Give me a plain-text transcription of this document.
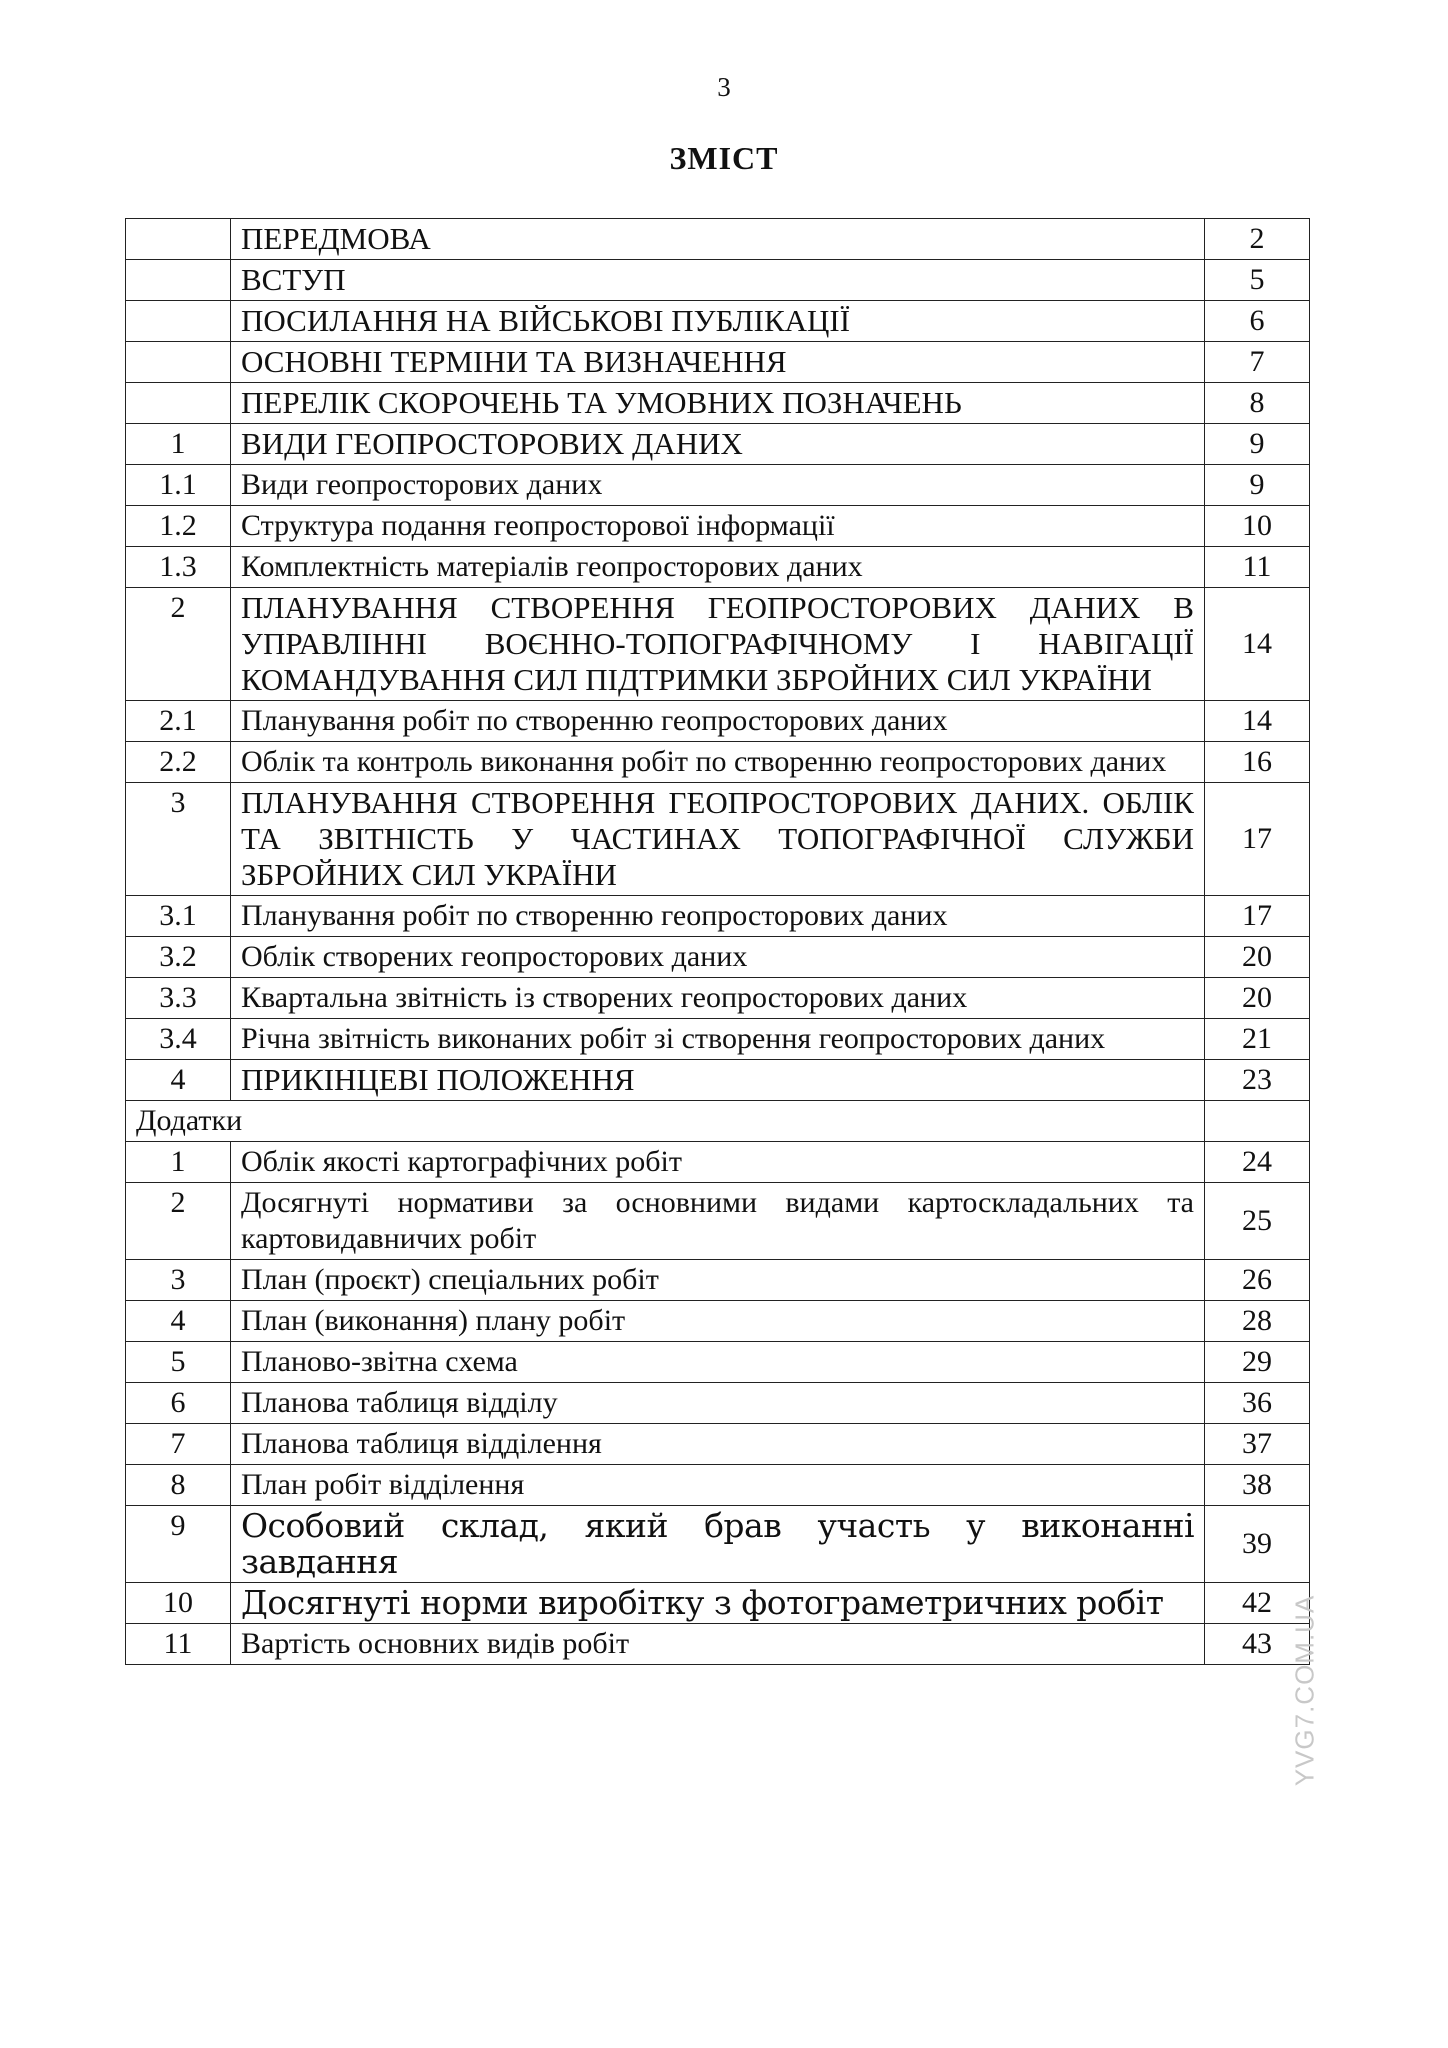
3
ЗМІСТ
	ПЕРЕДМОВА	2
	ВСТУП	5
	ПОСИЛАННЯ НА ВІЙСЬКОВІ ПУБЛІКАЦІЇ	6
	ОСНОВНІ ТЕРМІНИ ТА ВИЗНАЧЕННЯ	7
	ПЕРЕЛІК СКОРОЧЕНЬ ТА УМОВНИХ ПОЗНАЧЕНЬ	8
1	ВИДИ ГЕОПРОСТОРОВИХ ДАНИХ	9
1.1	Види геопросторових даних	9
1.2	Структура подання геопросторової інформації	10
1.3	Комплектність матеріалів геопросторових даних	11
2	ПЛАНУВАННЯ СТВОРЕННЯ ГЕОПРОСТОРОВИХ ДАНИХ В УПРАВЛІННІ ВОЄННО-ТОПОГРАФІЧНОМУ І НАВІГАЦІЇ КОМАНДУВАННЯ СИЛ ПІДТРИМКИ ЗБРОЙНИХ СИЛ УКРАЇНИ	14
2.1	Планування робіт по створенню геопросторових даних	14
2.2	Облік та контроль виконання робіт по створенню геопросторових даних	16
3	ПЛАНУВАННЯ СТВОРЕННЯ ГЕОПРОСТОРОВИХ ДАНИХ. ОБЛІК ТА ЗВІТНІСТЬ У ЧАСТИНАХ ТОПОГРАФІЧНОЇ СЛУЖБИ ЗБРОЙНИХ СИЛ УКРАЇНИ	17
3.1	Планування робіт по створенню геопросторових даних	17
3.2	Облік створених геопросторових даних	20
3.3	Квартальна звітність із створених геопросторових даних	20
3.4	Річна звітність виконаних робіт зі створення геопросторових даних	21
4	ПРИКІНЦЕВІ ПОЛОЖЕННЯ	23
Додатки		
1	Облік якості картографічних робіт	24
2	Досягнуті нормативи за основними видами картоскладальних та картовидавничих робіт	25
3	План (проєкт) спеціальних робіт	26
4	План (виконання) плану робіт	28
5	Планово-звітна схема	29
6	Планова таблиця відділу	36
7	Планова таблиця відділення	37
8	План робіт відділення	38
9	Особовий склад, який брав участь у виконанні завдання	39
10	Досягнуті норми виробітку з фотограметричних робіт	42
11	Вартість основних видів робіт	43 YVG7.COM.UA
